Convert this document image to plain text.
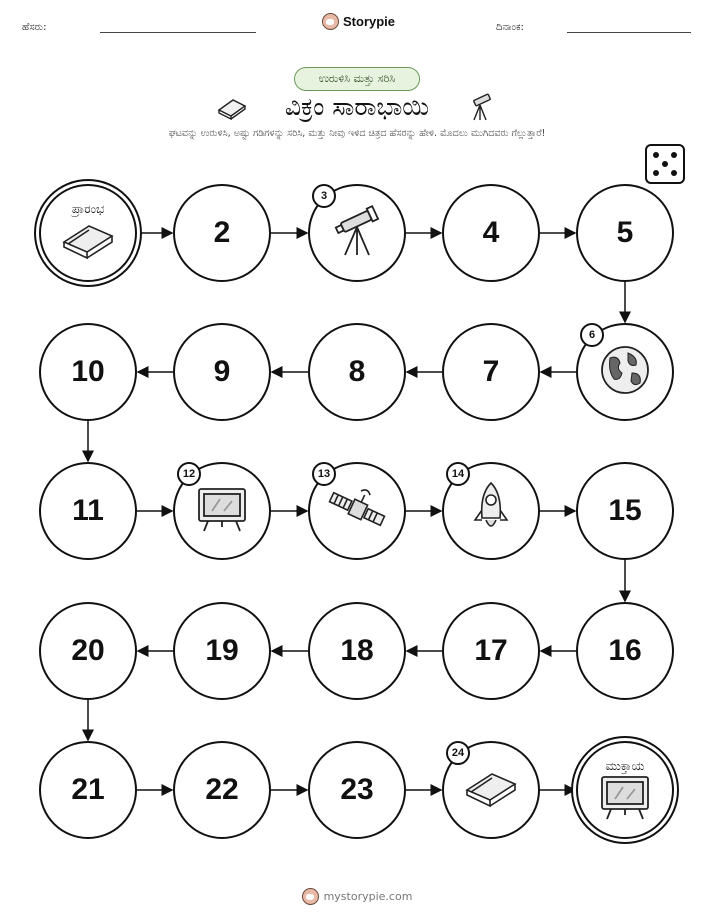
ಹೆಸರು:	Storypie	ದಿನಾಂಕ:
ಉರುಳಿಸಿ ಮತ್ತು ಸರಿಸಿ
ವಿಕ್ರಂ ಸಾರಾಭಾಯಿ
ಘಟವನ್ನು ಉರುಳಿಸಿ, ಅಷ್ಟು ಗಡಿಗಳನ್ನು ಸರಿಸಿ, ಮತ್ತು ನೀವು ಇಳಿದ ಚಿತ್ರದ ಹೆಸರನ್ನು ಹೇಳಿ. ಮೊದಲು ಮುಗಿದವರು ಗೆಲ್ಲುತ್ತಾರೆ!
ಪ್ರಾರಂಭ
2
3
4	5
6
7
8
9
10
11
12	13	14
15
16
17
18
19
20
21	22	23
24
ಮುಕ್ತಾಯ
mystorypie.com
